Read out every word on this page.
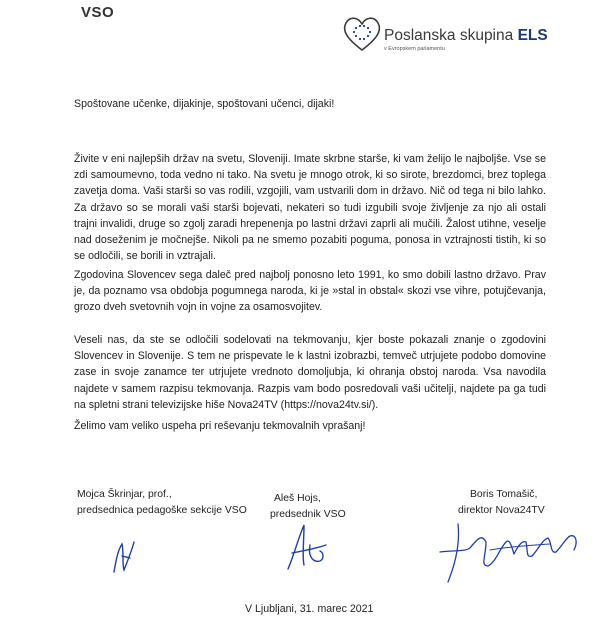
VSO
Poslanska skupina ELS
v Evropskem parlamentu

Spoštovane učenke, dijakinje, spoštovani učenci, dijaki!

Živite v eni najlepših držav na svetu, Sloveniji. Imate skrbne starše, ki vam želijo le najboljše. Vse se zdi samoumevno, toda vedno ni tako. Na svetu je mnogo otrok, ki so sirote, brezdomci, brez toplega zavetja doma. Vaši starši so vas rodili, vzgojili, vam ustvarili dom in državo. Nič od tega ni bilo lahko. Za državo so se morali vaši starši bojevati, nekateri so tudi izgubili svoje življenje za njo ali ostali trajni invalidi, druge so zgolj zaradi hrepenenja po lastni državi zaprli ali mučili. Žalost utihne, veselje nad doseženim je močnejše. Nikoli pa ne smemo pozabiti poguma, ponosa in vztrajnosti tistih, ki so se odločili, se borili in vztrajali.

Zgodovina Slovencev sega daleč pred najbolj ponosno leto 1991, ko smo dobili lastno državo. Prav je, da poznamo vsa obdobja pogumnega naroda, ki je »stal in obstal« skozi vse vihre, potujčevanja, grozo dveh svetovnih vojn in vojne za osamosvojitev.

Veseli nas, da ste se odločili sodelovati na tekmovanju, kjer boste pokazali znanje o zgodovini Slovencev in Slovenije. S tem ne prispevate le k lastni izobrazbi, temveč utrjujete podobo domovine zase in svoje zanamce ter utrjujete vrednoto domoljubja, ki ohranja obstoj naroda. Vsa navodila najdete v samem razpisu tekmovanja. Razpis vam bodo posredovali vaši učitelji, najdete pa ga tudi na spletni strani televizijske hiše Nova24TV (https://nova24tv.si/).

Želimo vam veliko uspeha pri reševanju tekmovalnih vprašanj!

Mojca Škrinjar, prof.,
predsednica pedagoške sekcije VSO
Aleš Hojs,
predsednik VSO
Boris Tomašič,
direktor Nova24TV
V Ljubljani, 31. marec 2021
